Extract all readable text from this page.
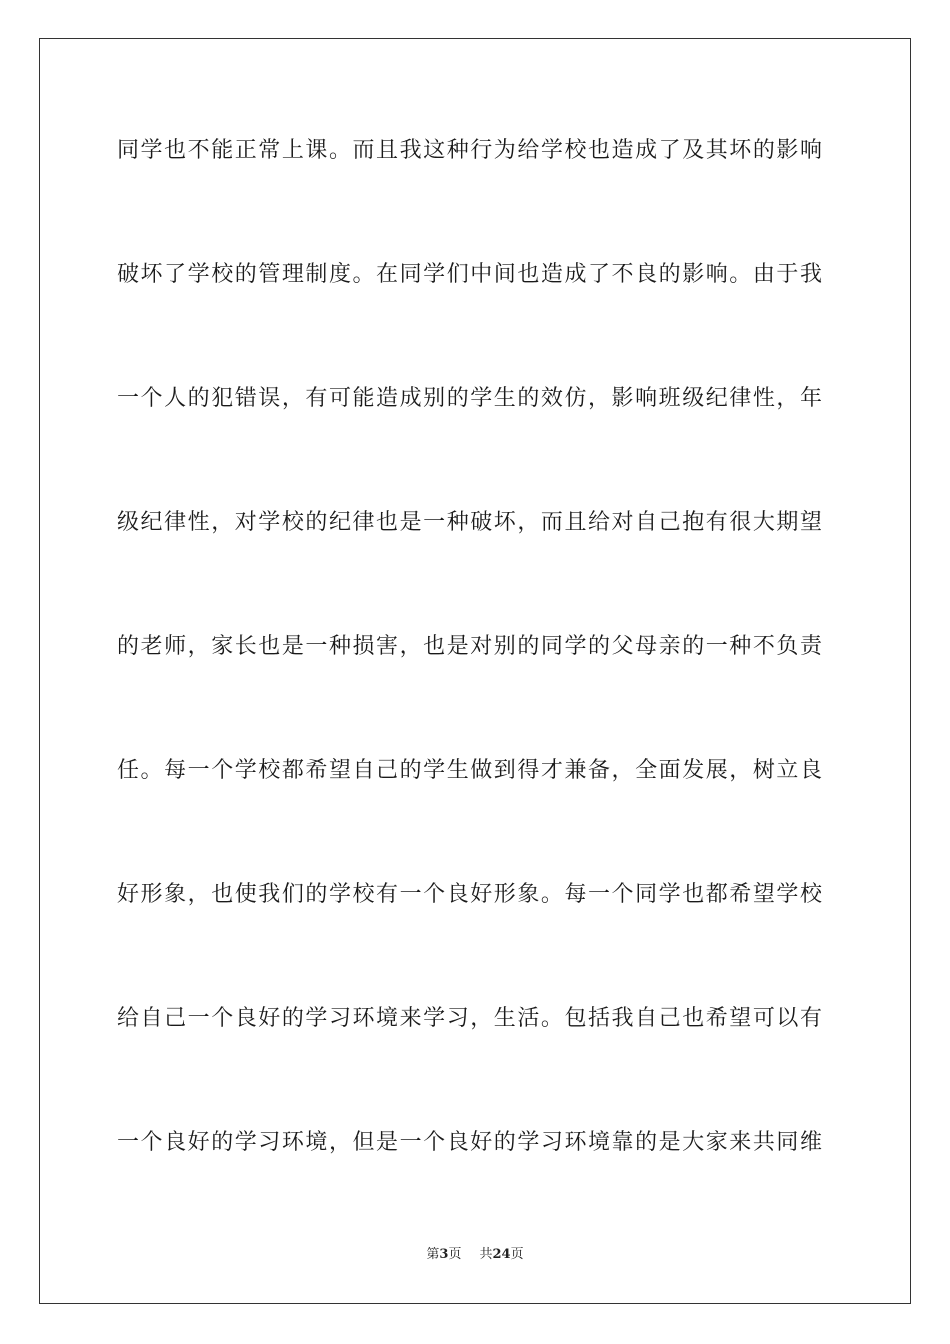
同学也不能正常上课。而且我这种行为给学校也造成了及其坏的影响
破坏了学校的管理制度。在同学们中间也造成了不良的影响。由于我
一个人的犯错误，有可能造成别的学生的效仿，影响班级纪律性，年
级纪律性，对学校的纪律也是一种破坏，而且给对自己抱有很大期望
的老师，家长也是一种损害，也是对别的同学的父母亲的一种不负责
任。每一个学校都希望自己的学生做到得才兼备，全面发展，树立良
好形象，也使我们的学校有一个良好形象。每一个同学也都希望学校
给自己一个良好的学习环境来学习，生活。包括我自己也希望可以有
一个良好的学习环境，但是一个良好的学习环境靠的是大家来共同维
第3页 共24页
